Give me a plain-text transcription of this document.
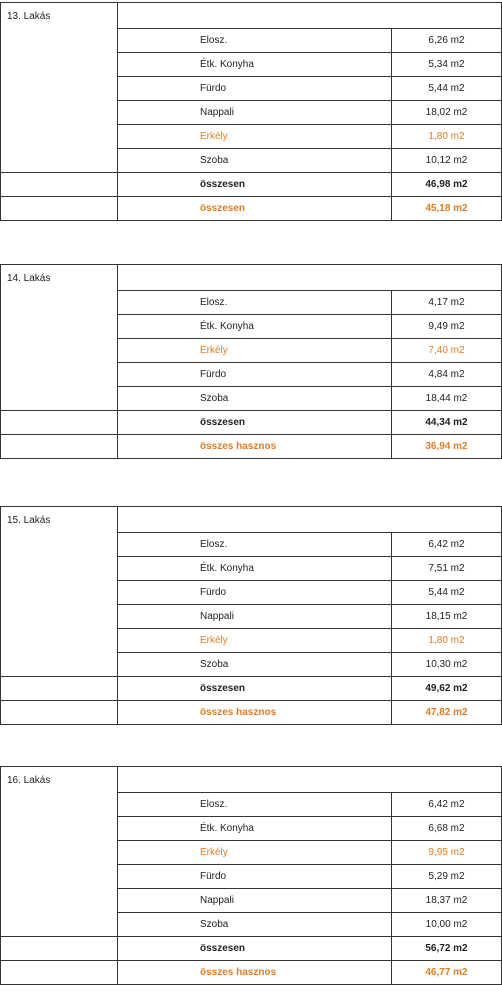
13. Lakás		
	Elosz.	6,26 m2
	Étk. Konyha	5,34 m2
	Fürdo	5,44 m2
	Nappali	18,02 m2
	Erkély	1,80 m2
	Szoba	10,12 m2
	összesen	46,98 m2
	összesen	45,18 m2
14. Lakás		
	Elosz.	4,17 m2
	Étk. Konyha	9,49 m2
	Erkély	7,40 m2
	Fürdo	4,84 m2
	Szoba	18,44 m2
	összesen	44,34 m2
	összes hasznos	36,94 m2
15. Lakás		
	Elosz.	6,42 m2
	Étk. Konyha	7,51 m2
	Fürdo	5,44 m2
	Nappali	18,15 m2
	Erkély	1,80 m2
	Szoba	10,30 m2
	összesen	49,62 m2
	összes hasznos	47,82 m2
16. Lakás		
	Elosz.	6,42 m2
	Étk. Konyha	6,68 m2
	Erkély	9,95 m2
	Fürdo	5,29 m2
	Nappali	18,37 m2
	Szoba	10,00 m2
	összesen	56,72 m2
	összes hasznos	46,77 m2
